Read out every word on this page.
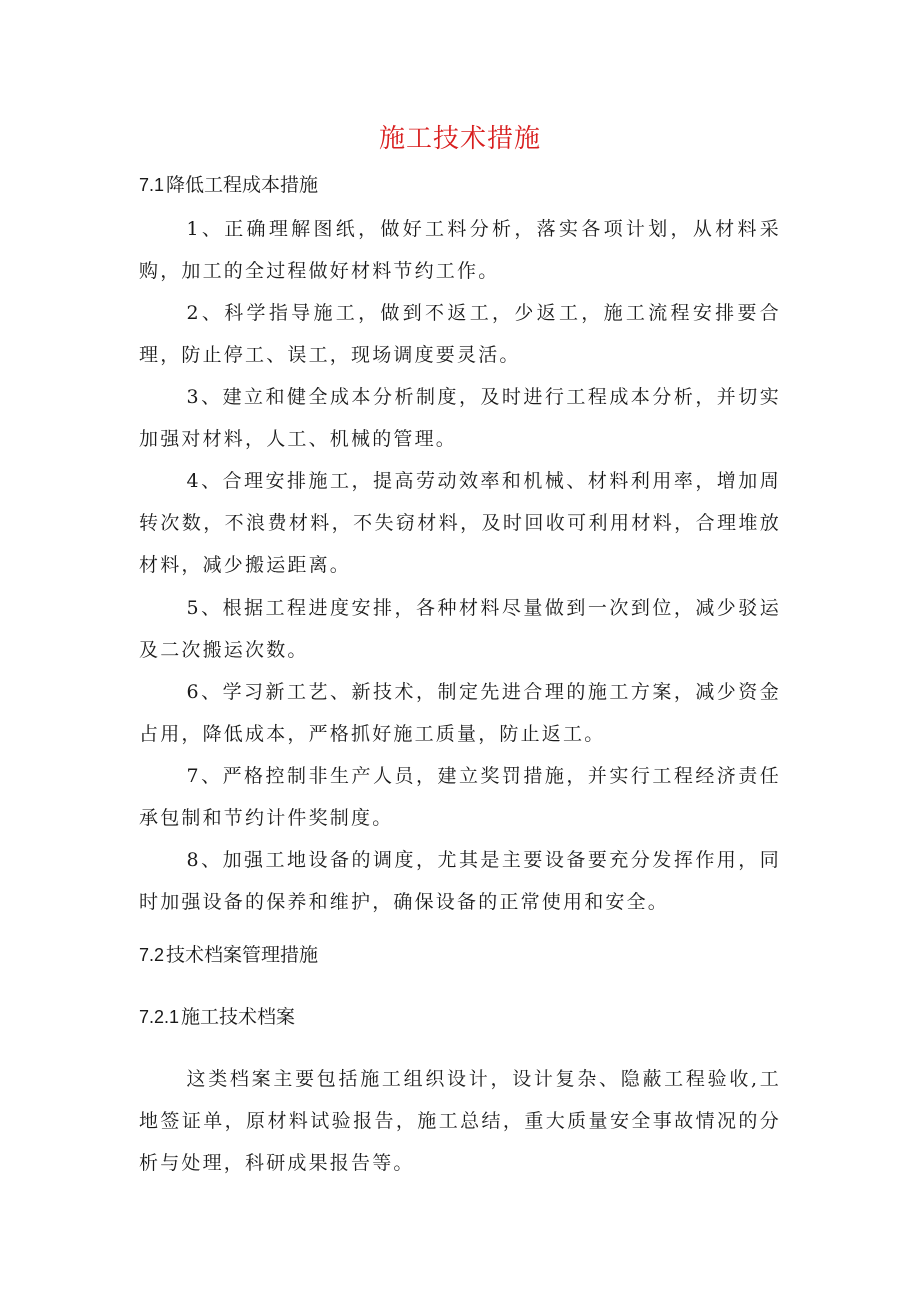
施工技术措施
7.1 降低工程成本措施

1、正确理解图纸，做好工料分析，落实各项计划，从材料采购，加工的全过程做好材料节约工作。

2、科学指导施工，做到不返工，少返工，施工流程安排要合理，防止停工、误工，现场调度要灵活。

3、建立和健全成本分析制度，及时进行工程成本分析，并切实加强对材料，人工、机械的管理。

4、合理安排施工，提高劳动效率和机械、材料利用率，增加周转次数，不浪费材料，不失窃材料，及时回收可利用材料，合理堆放材料，减少搬运距离。

5、根据工程进度安排，各种材料尽量做到一次到位，减少驳运及二次搬运次数。

6、学习新工艺、新技术，制定先进合理的施工方案，减少资金占用，降低成本，严格抓好施工质量，防止返工。

7、严格控制非生产人员，建立奖罚措施，并实行工程经济责任承包制和节约计件奖制度。

8、加强工地设备的调度，尤其是主要设备要充分发挥作用，同时加强设备的保养和维护，确保设备的正常使用和安全。

7.2 技术档案管理措施
7.2.1 施工技术档案

这类档案主要包括施工组织设计，设计复杂、隐蔽工程验收,工地签证单，原材料试验报告，施工总结，重大质量安全事故情况的分析与处理，科研成果报告等。
